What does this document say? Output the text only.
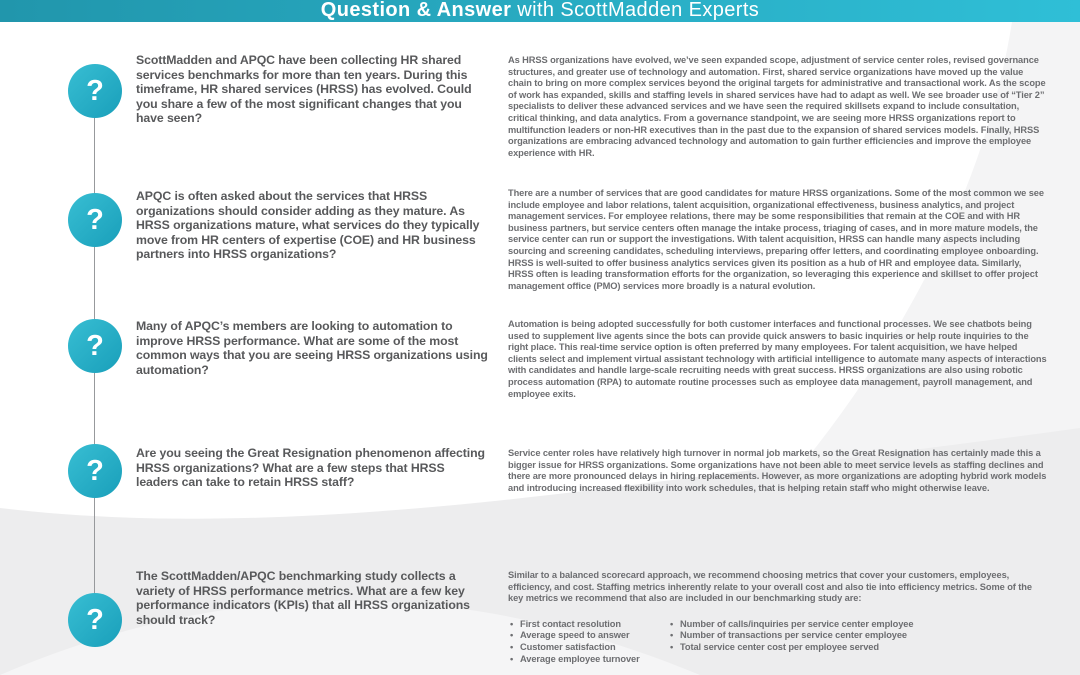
Question & Answer with ScottMadden Experts
?
?
?
?
?
ScottMadden and APQC have been collecting HR shared services benchmarks for more than ten years. During this timeframe, HR shared services (HRSS) has evolved. Could you share a few of the most significant changes that you have seen?
APQC is often asked about the services that HRSS organizations should consider adding as they mature. As HRSS organizations mature, what services do they typically move from HR centers of expertise (COE) and HR business partners into HRSS organizations?
Many of APQC’s members are looking to automation to improve HRSS performance. What are some of the most common ways that you are seeing HRSS organizations using automation?
Are you seeing the Great Resignation phenomenon affecting HRSS organizations? What are a few steps that HRSS leaders can take to retain HRSS staff?
The ScottMadden/APQC benchmarking study collects a variety of HRSS performance metrics. What are a few key performance indicators (KPIs) that all HRSS organizations should track?

As HRSS organizations have evolved, we’ve seen expanded scope, adjustment of service center roles, revised governance structures, and greater use of technology and automation. First, shared service organizations have moved up the value chain to bring on more complex services beyond the original targets for administrative and transactional work. As the scope of work has expanded, skills and staffing levels in shared services have had to adapt as well. We see broader use of “Tier 2” specialists to deliver these advanced services and we have seen the required skillsets expand to include consultation, critical thinking, and data analytics. From a governance standpoint, we are seeing more HRSS organizations report to multifunction leaders or non-HR executives than in the past due to the expansion of shared services models. Finally, HRSS organizations are embracing advanced technology and automation to gain further efficiencies and improve the employee experience with HR.

There are a number of services that are good candidates for mature HRSS organizations. Some of the most common we see include employee and labor relations, talent acquisition, organizational effectiveness, business analytics, and project management services. For employee relations, there may be some responsibilities that remain at the COE and with HR business partners, but service centers often manage the intake process, triaging of cases, and in more mature models, the service center can run or support the investigations. With talent acquisition, HRSS can handle many aspects including sourcing and screening candidates, scheduling interviews, preparing offer letters, and coordinating employee onboarding. HRSS is well-suited to offer business analytics services given its position as a hub of HR and employee data. Similarly, HRSS often is leading transformation efforts for the organization, so leveraging this experience and skillset to offer project management office (PMO) services more broadly is a natural evolution.

Automation is being adopted successfully for both customer interfaces and functional processes. We see chatbots being used to supplement live agents since the bots can provide quick answers to basic inquiries or help route inquiries to the right place. This real-time service option is often preferred by many employees. For talent acquisition, we have helped clients select and implement virtual assistant technology with artificial intelligence to automate many aspects of interactions with candidates and handle large-scale recruiting needs with great success. HRSS organizations are also using robotic process automation (RPA) to automate routine processes such as employee data management, payroll management, and employee exits.

Service center roles have relatively high turnover in normal job markets, so the Great Resignation has certainly made this a bigger issue for HRSS organizations. Some organizations have not been able to meet service levels as staffing declines and there are more pronounced delays in hiring replacements. However, as more organizations are adopting hybrid work models and introducing increased flexibility into work schedules, that is helping retain staff who might otherwise leave.

Similar to a balanced scorecard approach, we recommend choosing metrics that cover your customers, employees, efficiency, and cost. Staffing metrics inherently relate to your overall cost and also tie into efficiency metrics. Some of the key metrics we recommend that also are included in our benchmarking study are:

• First contact resolution
• Average speed to answer
• Customer satisfaction
• Average employee turnover
• Number of calls/inquiries per service center employee
• Number of transactions per service center employee
• Total service center cost per employee served
